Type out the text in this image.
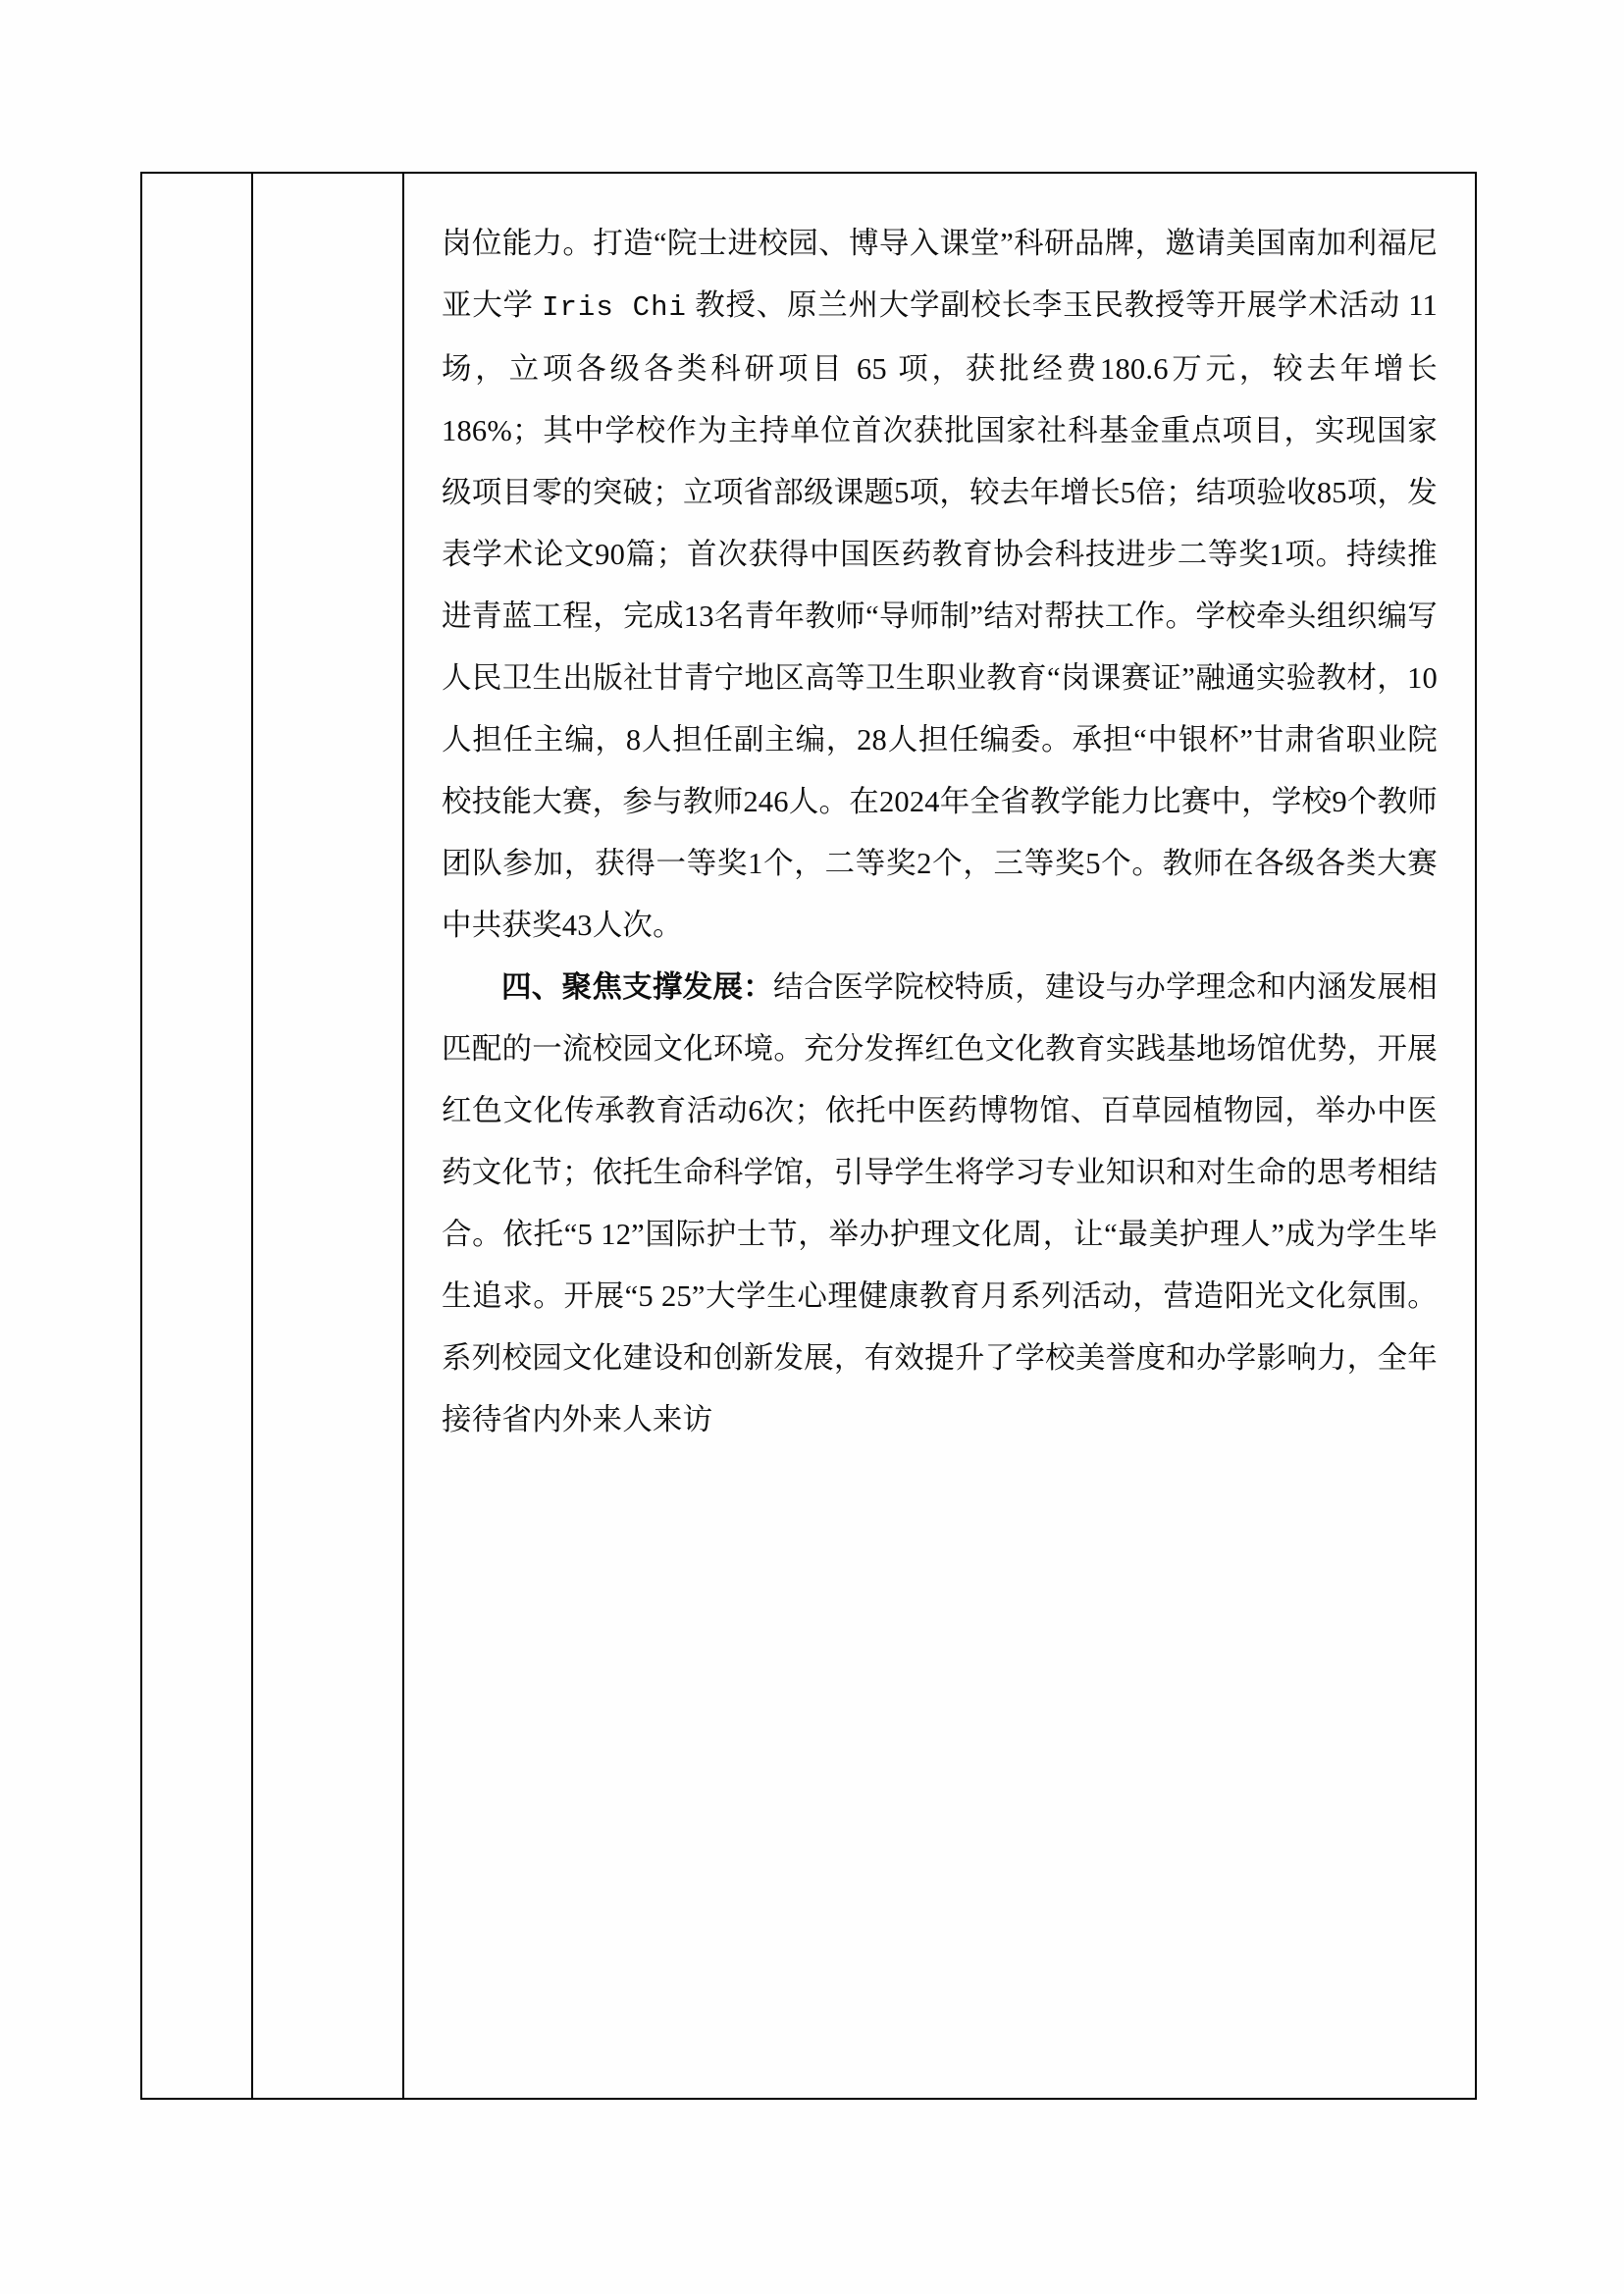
岗位能力。打造“院士进校园、博导入课堂”科研品牌，邀请美国南加利福尼亚大学 Iris Chi 教授、原兰州大学副校长李玉民教授等开展学术活动 11 场，立项各级各类科研项目 65 项，获批经费180.6万元，较去年增长186%；其中学校作为主持单位首次获批国家社科基金重点项目，实现国家级项目零的突破；立项省部级课题5项，较去年增长5倍；结项验收85项，发表学术论文90篇；首次获得中国医药教育协会科技进步二等奖1项。持续推进青蓝工程，完成13名青年教师“导师制”结对帮扶工作。学校牵头组织编写人民卫生出版社甘青宁地区高等卫生职业教育“岗课赛证”融通实验教材，10人担任主编，8人担任副主编，28人担任编委。承担“中银杯”甘肃省职业院校技能大赛，参与教师246人。在2024年全省教学能力比赛中，学校9个教师团队参加，获得一等奖1个，二等奖2个，三等奖5个。教师在各级各类大赛中共获奖43人次。

四、聚焦支撑发展：结合医学院校特质，建设与办学理念和内涵发展相匹配的一流校园文化环境。充分发挥红色文化教育实践基地场馆优势，开展红色文化传承教育活动6次；依托中医药博物馆、百草园植物园，举办中医药文化节；依托生命科学馆，引导学生将学习专业知识和对生命的思考相结合。依托“5 12”国际护士节，举办护理文化周，让“最美护理人”成为学生毕生追求。开展“5 25”大学生心理健康教育月系列活动，营造阳光文化氛围。系列校园文化建设和创新发展，有效提升了学校美誉度和办学影响力，全年接待省内外来人来访
